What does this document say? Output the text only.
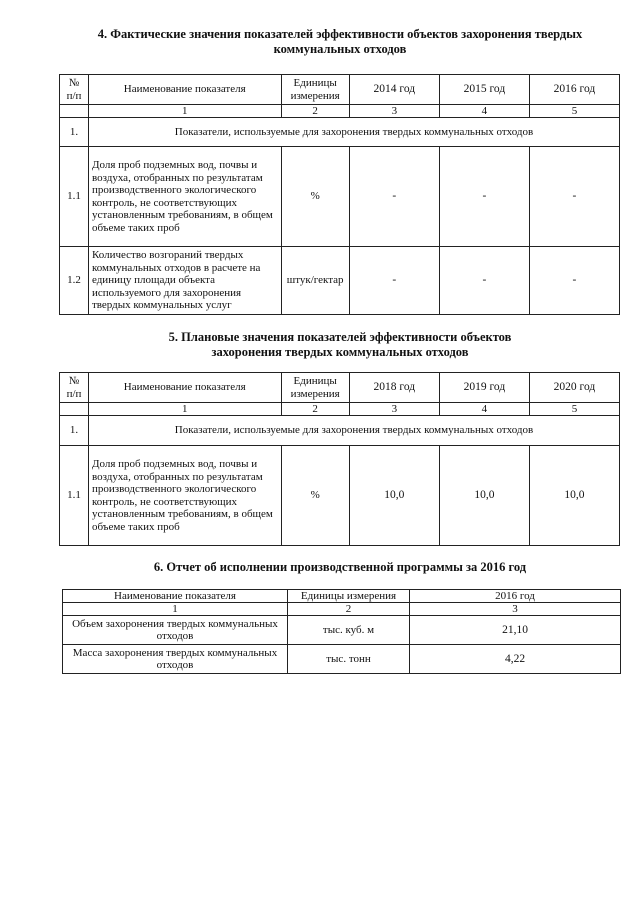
4. Фактические значения показателей эффективности объектов захоронения твердых
коммунальных отходов
№ п/п	Наименование показателя	Единицы измерения	2014 год	2015 год	2016 год
	1	2	3	4	5
1.	Показатели, используемые для захоронения твердых коммунальных отходов				
1.1	Доля проб подземных вод, почвы и воздуха, отобранных по результатам производственного экологического контроль, не соответствующих установленным требованиям, в общем объеме таких проб	%	-	-	-
1.2	Количество возгораний твердых коммунальных отходов в расчете на единицу площади объекта используемого для захоронения твердых коммунальных услуг	штук/гектар	-	-	-
5. Плановые значения показателей эффективности объектов
захоронения твердых коммунальных отходов
№ п/п	Наименование показателя	Единицы измерения	2018 год	2019 год	2020 год
	1	2	3	4	5
1.	Показатели, используемые для захоронения твердых коммунальных отходов				
1.1	Доля проб подземных вод, почвы и воздуха, отобранных по результатам производственного экологического контроль, не соответствующих установленным требованиям, в общем объеме таких проб	%	10,0	10,0	10,0
6. Отчет об исполнении производственной программы за 2016 год
Наименование показателя	Единицы измерения	2016 год
1	2	3
Объем захоронения твердых коммунальных отходов	тыс. куб. м	21,10
Масса захоронения твердых коммунальных отходов	тыс. тонн	4,22
